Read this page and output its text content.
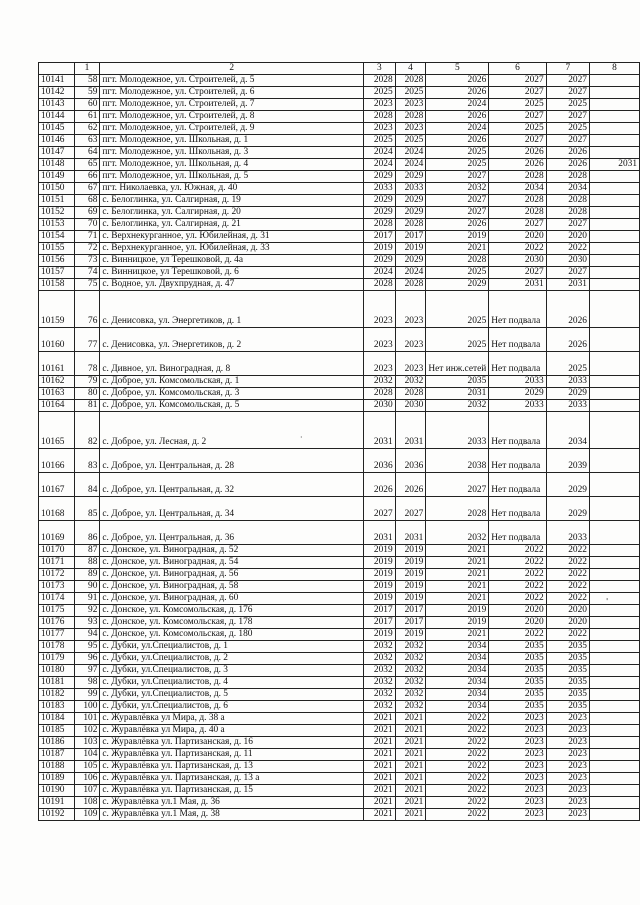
	1	2	3	4	5	6	7	8
10141	58	пгт. Молодежное, ул. Строителей, д. 5	2028	2028	2026	2027	2027	
10142	59	пгт. Молодежное, ул. Строителей, д. 6	2025	2025	2026	2027	2027	
10143	60	пгт. Молодежное, ул. Строителей, д. 7	2023	2023	2024	2025	2025	
10144	61	пгт. Молодежное, ул. Строителей, д. 8	2028	2028	2026	2027	2027	
10145	62	пгт. Молодежное, ул. Строителей, д. 9	2023	2023	2024	2025	2025	
10146	63	пгт. Молодежное, ул. Школьная, д. 1	2025	2025	2026	2027	2027	
10147	64	пгт. Молодежное, ул. Школьная, д. 3	2024	2024	2025	2026	2026	
10148	65	пгт. Молодежное, ул. Школьная, д. 4	2024	2024	2025	2026	2026	2031
10149	66	пгт. Молодежное, ул. Школьная, д. 5	2029	2029	2027	2028	2028	
10150	67	пгт. Николаевка, ул. Южная, д. 40	2033	2033	2032	2034	2034	
10151	68	с. Белоглинка, ул. Салгирная, д. 19	2029	2029	2027	2028	2028	
10152	69	с. Белоглинка, ул. Салгирная, д. 20	2029	2029	2027	2028	2028	
10153	70	с. Белоглинка, ул. Салгирная, д. 21	2028	2028	2026	2027	2027	
10154	71	с. Верхнекурганное, ул. Юбилейная, д. 31	2017	2017	2019	2020	2020	
10155	72	с. Верхнекурганное, ул. Юбилейная, д. 33	2019	2019	2021	2022	2022	
10156	73	с. Винницкое, ул Терешковой, д. 4а	2029	2029	2028	2030	2030	
10157	74	с. Винницкое, ул Терешковой, д. 6	2024	2024	2025	2027	2027	
10158	75	с. Водное, ул. Двухпрудная, д. 47	2028	2028	2029	2031	2031	
10159	76	с. Денисовка, ул. Энергетиков, д. 1	2023	2023	2025	Нет подвала	2026	
10160	77	с. Денисовка, ул. Энергетиков, д. 2	2023	2023	2025	Нет подвала	2026	
10161	78	с. Дивное, ул. Виноградная, д. 8	2023	2023	Нет инж.сетей	Нет подвала	2025	
10162	79	с. Доброе, ул. Комсомольская, д. 1	2032	2032	2035	2033	2033	
10163	80	с. Доброе, ул. Комсомольская, д. 3	2028	2028	2031	2029	2029	
10164	81	с. Доброе, ул. Комсомольская, д. 5	2030	2030	2032	2033	2033	
10165	82	с. Доброе, ул. Лесная, д. 2	2031	2031	2033	Нет подвала	2034	
10166	83	с. Доброе, ул. Центральная, д. 28	2036	2036	2038	Нет подвала	2039	
10167	84	с. Доброе, ул. Центральная, д. 32	2026	2026	2027	Нет подвала	2029	
10168	85	с. Доброе, ул. Центральная, д. 34	2027	2027	2028	Нет подвала	2029	
10169	86	с. Доброе, ул. Центральная, д. 36	2031	2031	2032	Нет подвала	2033	
10170	87	с. Донское, ул. Виноградная, д. 52	2019	2019	2021	2022	2022	
10171	88	с. Донское, ул. Виноградная, д. 54	2019	2019	2021	2022	2022	
10172	89	с. Донское, ул. Виноградная, д. 56	2019	2019	2021	2022	2022	
10173	90	с. Донское, ул. Виноградная, д. 58	2019	2019	2021	2022	2022	
10174	91	с. Донское, ул. Виноградная, д. 60	2019	2019	2021	2022	2022	
10175	92	с. Донское, ул. Комсомольская, д. 176	2017	2017	2019	2020	2020	
10176	93	с. Донское, ул. Комсомольская, д. 178	2017	2017	2019	2020	2020	
10177	94	с. Донское, ул. Комсомольская, д. 180	2019	2019	2021	2022	2022	
10178	95	с. Дубки, ул.Специалистов, д. 1	2032	2032	2034	2035	2035	
10179	96	с. Дубки, ул.Специалистов, д. 2	2032	2032	2034	2035	2035	
10180	97	с. Дубки, ул.Специалистов, д. 3	2032	2032	2034	2035	2035	
10181	98	с. Дубки, ул.Специалистов, д. 4	2032	2032	2034	2035	2035	
10182	99	с. Дубки, ул.Специалистов, д. 5	2032	2032	2034	2035	2035	
10183	100	с. Дубки, ул.Специалистов, д. 6	2032	2032	2034	2035	2035	
10184	101	с. Журавлёвка ул Мира, д. 38 а	2021	2021	2022	2023	2023	
10185	102	с. Журавлёвка ул Мира, д. 40 а	2021	2021	2022	2023	2023	
10186	103	с. Журавлёвка ул. Партизанская, д. 16	2021	2021	2022	2023	2023	
10187	104	с. Журавлёвка ул. Партизанская, д. 11	2021	2021	2022	2023	2023	
10188	105	с. Журавлёвка ул. Партизанская, д. 13	2021	2021	2022	2023	2023	
10189	106	с. Журавлёвка ул. Партизанская, д. 13 а	2021	2021	2022	2023	2023	
10190	107	с. Журавлёвка ул. Партизанская, д. 15	2021	2021	2022	2023	2023	
10191	108	с. Журавлёвка ул.1 Мая, д. 36	2021	2021	2022	2023	2023	
10192	109	с. Журавлёвка ул.1 Мая, д. 38	2021	2021	2022	2023	2023	
·
'
